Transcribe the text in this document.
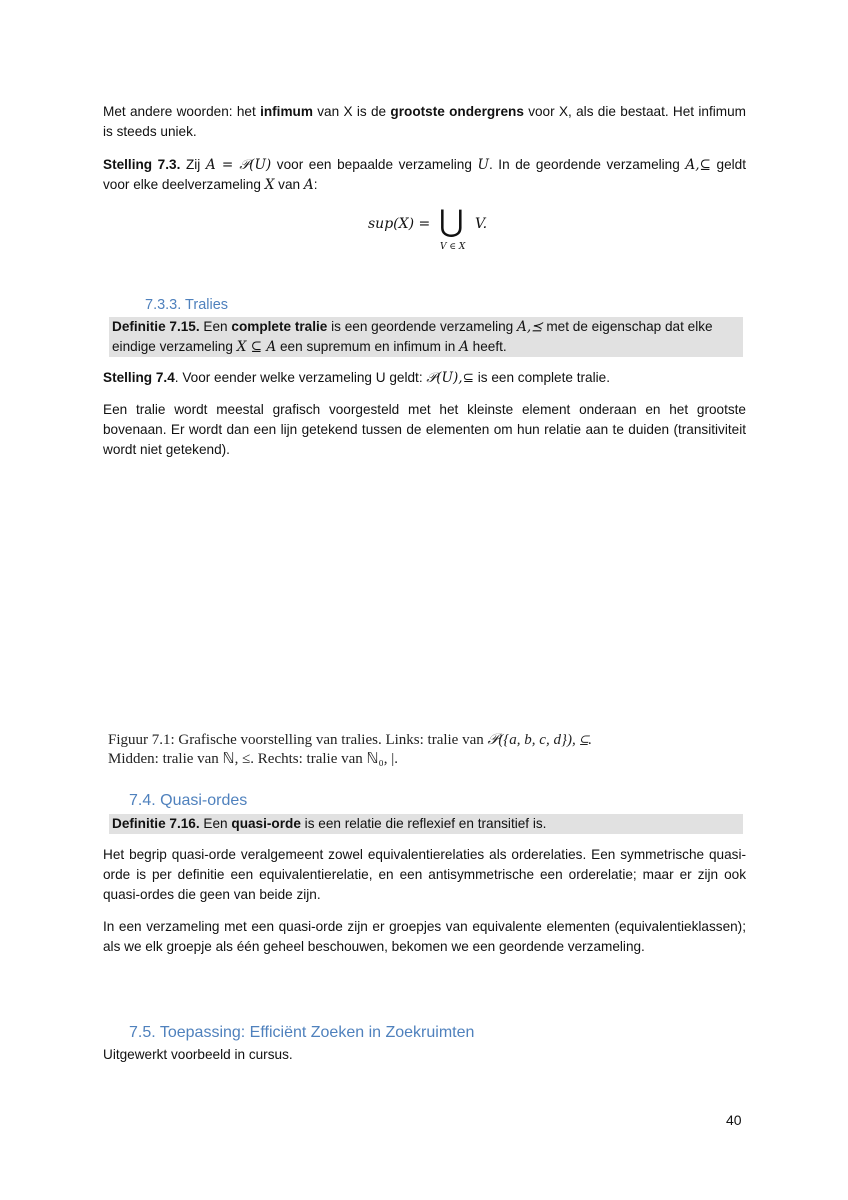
Met andere woorden: het infimum van X is de grootste ondergrens voor X, als die bestaat. Het infimum is steeds uniek.

Stelling 7.3. Zij A = 𝒫(U) voor een bepaalde verzameling U. In de geordende verzameling A,⊆ geldt voor elke deelverzameling X van A:

sup(X) = ⋃
V ∈ X
V.
7.3.3. Tralies
Definitie 7.15. Een complete tralie is een geordende verzameling A,⪯ met de eigenschap dat elke eindige verzameling X ⊆ A een supremum en infimum in A heeft.

Stelling 7.4. Voor eender welke verzameling U geldt: 𝒫(U),⊆ is een complete tralie.

Een tralie wordt meestal grafisch voorgesteld met het kleinste element onderaan en het grootste bovenaan. Er wordt dan een lijn getekend tussen de elementen om hun relatie aan te duiden (transitiviteit wordt niet getekend).

Figuur 7.1: Grafische voorstelling van tralies. Links: tralie van 𝒫({a, b, c, d}), ⊆.
Midden: tralie van ℕ, ≤. Rechts: tralie van ℕ₀, |.
7.4. Quasi-ordes
Definitie 7.16. Een quasi-orde is een relatie die reflexief en transitief is.

Het begrip quasi-orde veralgemeent zowel equivalentierelaties als orderelaties. Een symmetrische quasi-orde is per definitie een equivalentierelatie, en een antisymmetrische een orderelatie; maar er zijn ook quasi-ordes die geen van beide zijn.

In een verzameling met een quasi-orde zijn er groepjes van equivalente elementen (equivalentieklassen); als we elk groepje als één geheel beschouwen, bekomen we een geordende verzameling.

7.5. Toepassing: Efficiënt Zoeken in Zoekruimten

Uitgewerkt voorbeeld in cursus.

40
